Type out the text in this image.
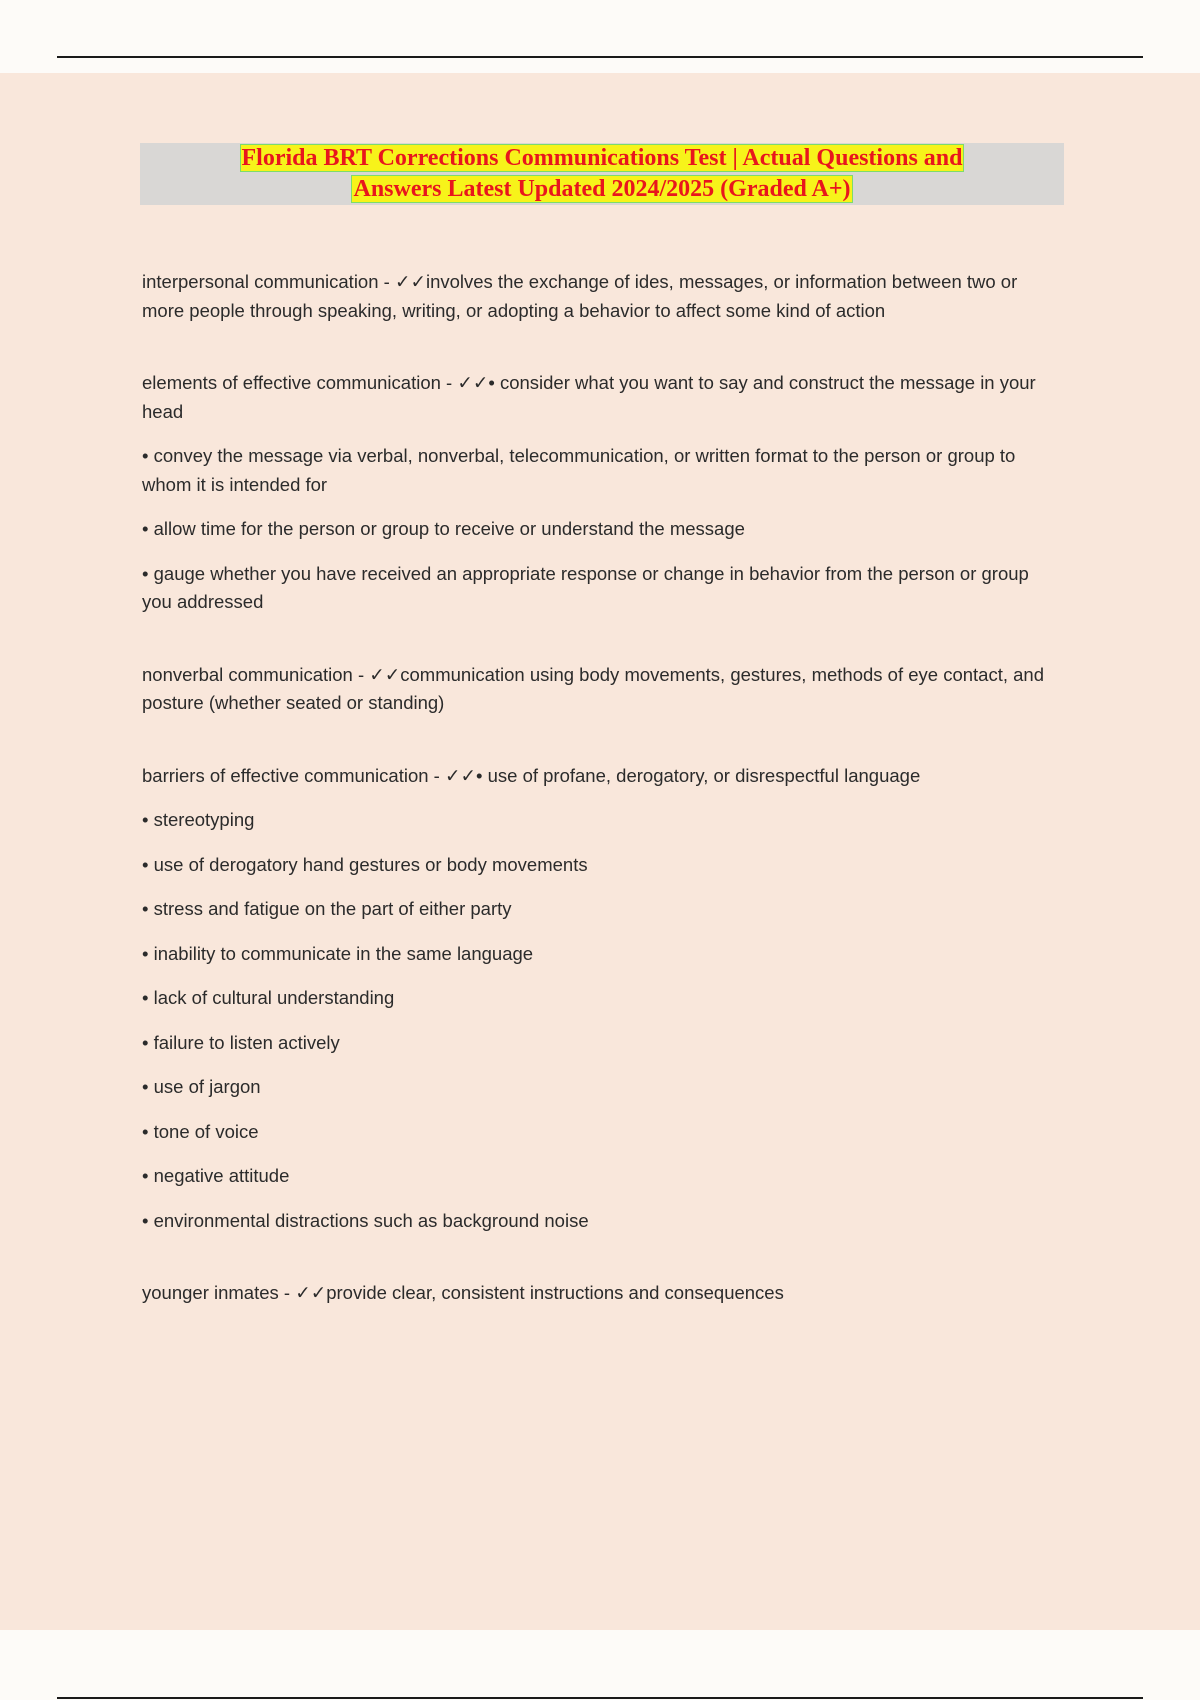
Florida BRT Corrections Communications Test | Actual Questions and
Answers Latest Updated 2024/2025 (Graded A+)

interpersonal communication - ✓✓involves the exchange of ides, messages, or information between two or more people through speaking, writing, or adopting a behavior to affect some kind of action

elements of effective communication - ✓✓• consider what you want to say and construct the message in your head

• convey the message via verbal, nonverbal, telecommunication, or written format to the person or group to whom it is intended for

• allow time for the person or group to receive or understand the message

• gauge whether you have received an appropriate response or change in behavior from the person or group you addressed

nonverbal communication - ✓✓communication using body movements, gestures, methods of eye contact, and posture (whether seated or standing)

barriers of effective communication - ✓✓• use of profane, derogatory, or disrespectful language

• stereotyping

• use of derogatory hand gestures or body movements

• stress and fatigue on the part of either party

• inability to communicate in the same language

• lack of cultural understanding

• failure to listen actively

• use of jargon

• tone of voice

• negative attitude

• environmental distractions such as background noise

younger inmates - ✓✓provide clear, consistent instructions and consequences
